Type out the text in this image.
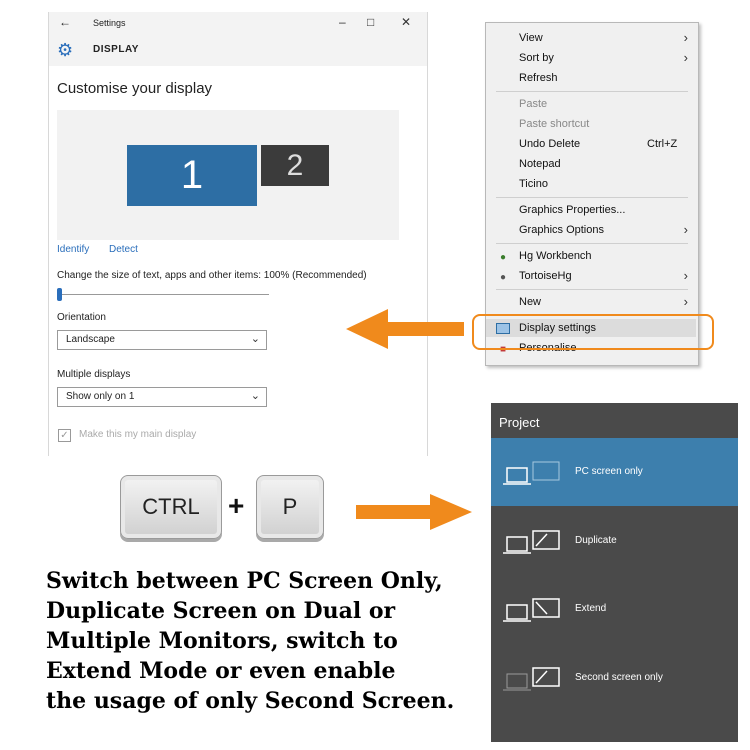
← Settings	– □ ✕
⚙ DISPLAY
Customise your display
1	2
Identify Detect
Change the size of text, apps and other items: 100% (Recommended)
Orientation
Landscape	⌄
Multiple displays
Show only on 1	⌄
✓ Make this my main display
View	›
Sort by	›
Refresh
Paste
Paste shortcut
Undo Delete	Ctrl+Z
Notepad
Ticino
Graphics Properties...
Graphics Options	›
●	Hg Workbench
●	TortoiseHg	›
New	›
Display settings
■	Personalise
CTRL	+	P
Switch between PC Screen Only,
Duplicate Screen on Dual or
Multiple Monitors, switch to
Extend Mode or even enable
the usage of only Second Screen.
Project
PC screen only
Duplicate
Extend
Second screen only
